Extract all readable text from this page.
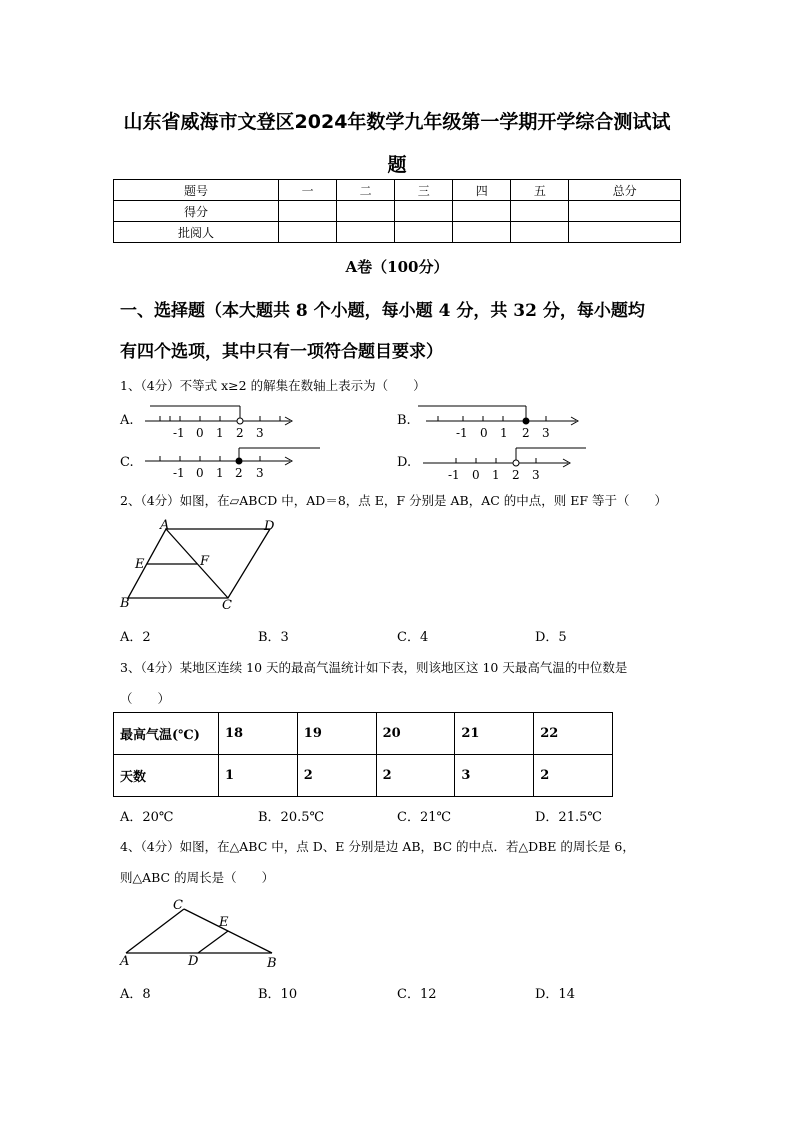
山东省威海市文登区2024年数学九年级第一学期开学综合测试试
题
题号	一	二	三	四	五	总分
得分						
批阅人						
A卷（100分）
一、选择题（本大题共 8 个小题，每小题 4 分，共 32 分，每小题均
有四个选项，其中只有一项符合题目要求）
1、（4分）不等式 x≥2 的解集在数轴上表示为（　　）
A.
-1 0 1 2 3
B.
-1 0 1 2 3
C.
-1 0 1 2 3
D.
-1 0 1 2 3
2、（4分）如图，在▱ABCD 中，AD＝8，点 E，F 分别是 AB，AC 的中点，则 EF 等于（　　）
A	D
E	F
B	C
A．2	B．3	C．4	D．5
3、（4分）某地区连续 10 天的最高气温统计如下表，则该地区这 10 天最高气温的中位数是
（　　）
最高气温(℃)	18	19	20	21	22
天数	1	2	2	3	2
A．20℃	B．20.5℃	C．21℃	D．21.5℃
4、（4分）如图，在△ABC 中，点 D、E 分别是边 AB，BC 的中点．若△DBE 的周长是 6，
则△ABC 的周长是（　　）
C
E
A	D	B
A．8	B．10	C．12	D．14
